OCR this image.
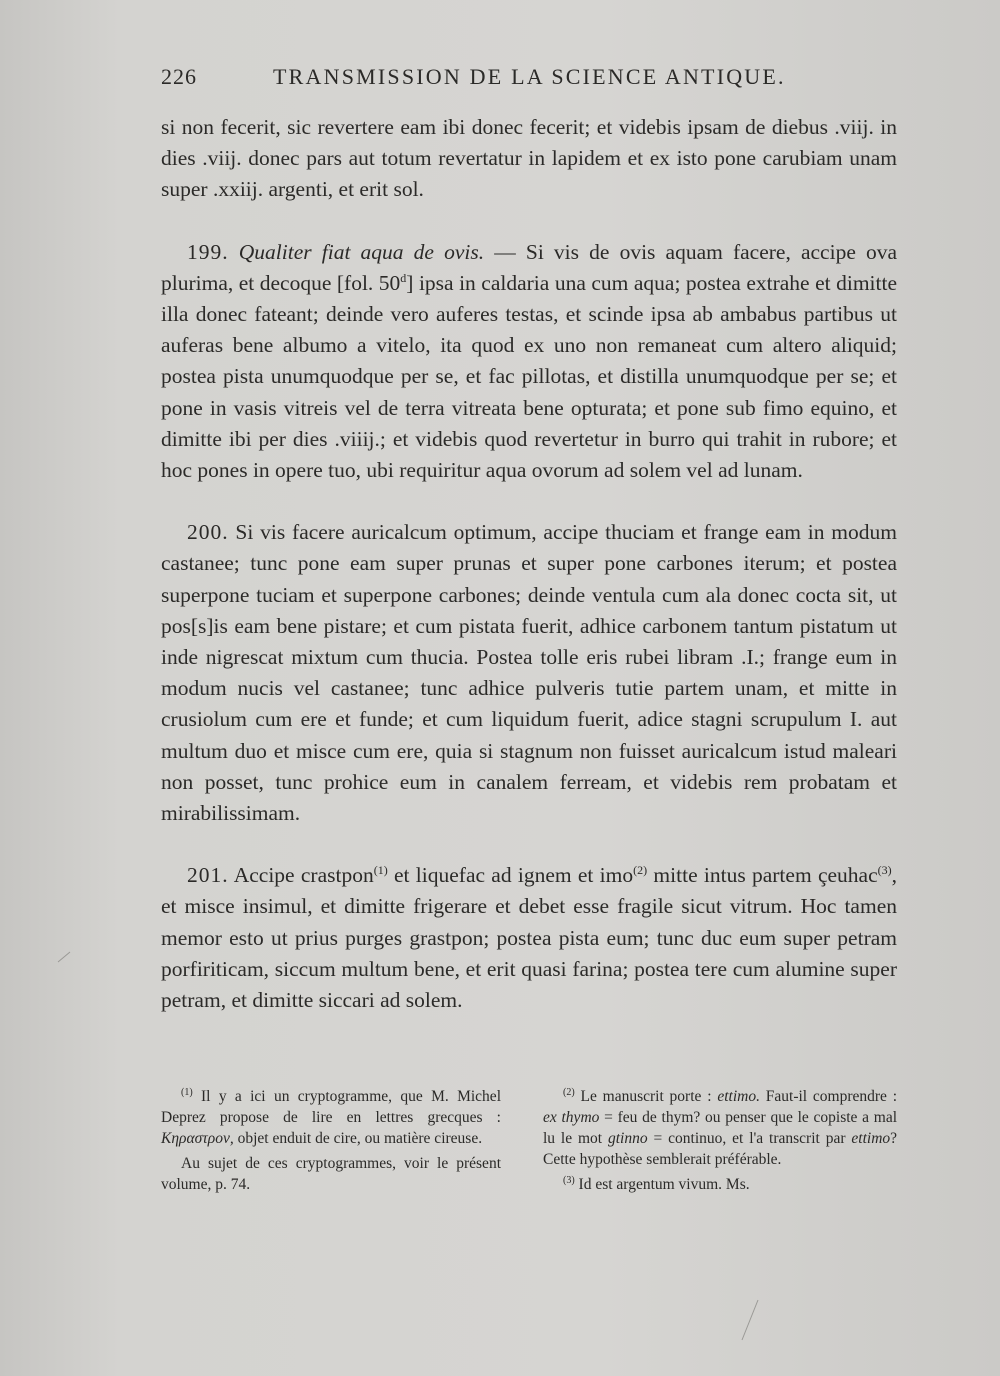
226	TRANSMISSION DE LA SCIENCE ANTIQUE.

si non fecerit, sic revertere eam ibi donec fecerit; et videbis ipsam de diebus .viij. in dies .viij. donec pars aut totum revertatur in lapidem et ex isto pone carubiam unam super .xxiij. argenti, et erit sol.

199. Qualiter fiat aqua de ovis. — Si vis de ovis aquam facere, accipe ova plurima, et decoque [fol. 50$^d$] ipsa in caldaria una cum aqua; postea extrahe et dimitte illa donec fateant; deinde vero auferes testas, et scinde ipsa ab ambabus partibus ut auferas bene albumo a vitelo, ita quod ex uno non remaneat cum altero aliquid; postea pista unumquodque per se, et fac pillotas, et distilla unumquodque per se; et pone in vasis vitreis vel de terra vitreata bene opturata; et pone sub fimo equino, et dimitte ibi per dies .viiij.; et videbis quod revertetur in burro qui trahit in rubore; et hoc pones in opere tuo, ubi requiritur aqua ovorum ad solem vel ad lunam.

200. Si vis facere auricalcum optimum, accipe thuciam et frange eam in modum castanee; tunc pone eam super prunas et super pone carbones iterum; et postea superpone tuciam et superpone carbones; deinde ventula cum ala donec cocta sit, ut pos[s]is eam bene pistare; et cum pistata fuerit, adhice carbonem tantum pistatum ut inde nigrescat mixtum cum thucia. Postea tolle eris rubei libram .I.; frange eum in modum nucis vel castanee; tunc adhice pulveris tutie partem unam, et mitte in crusiolum cum ere et funde; et cum liquidum fuerit, adice stagni scrupulum I. aut multum duo et misce cum ere, quia si stagnum non fuisset auricalcum istud maleari non posset, tunc prohice eum in canalem ferream, et videbis rem probatam et mirabilissimam.

201. Accipe crastpon$^{(1)}$ et liquefac ad ignem et imo$^{(2)}$ mitte intus partem çeuhac$^{(3)}$, et misce insimul, et dimitte frigerare et debet esse fragile sicut vitrum. Hoc tamen memor esto ut prius purges grastpon; postea pista eum; tunc duc eum super petram porfiriticam, siccum multum bene, et erit quasi farina; postea tere cum alumine super petram, et dimitte siccari ad solem.

$^{(1)}$ Il y a ici un cryptogramme, que M. Michel Deprez propose de lire en lettres grecques : Κηραστρον, objet enduit de cire, ou matière cireuse.

Au sujet de ces cryptogrammes, voir le présent volume, p. 74.

$^{(2)}$ Le manuscrit porte : ettimo. Faut-il comprendre : ex thymo = feu de thym? ou penser que le copiste a mal lu le mot gtinno = continuo, et l'a transcrit par ettimo? Cette hypothèse semblerait préférable.

$^{(3)}$ Id est argentum vivum. Ms.
